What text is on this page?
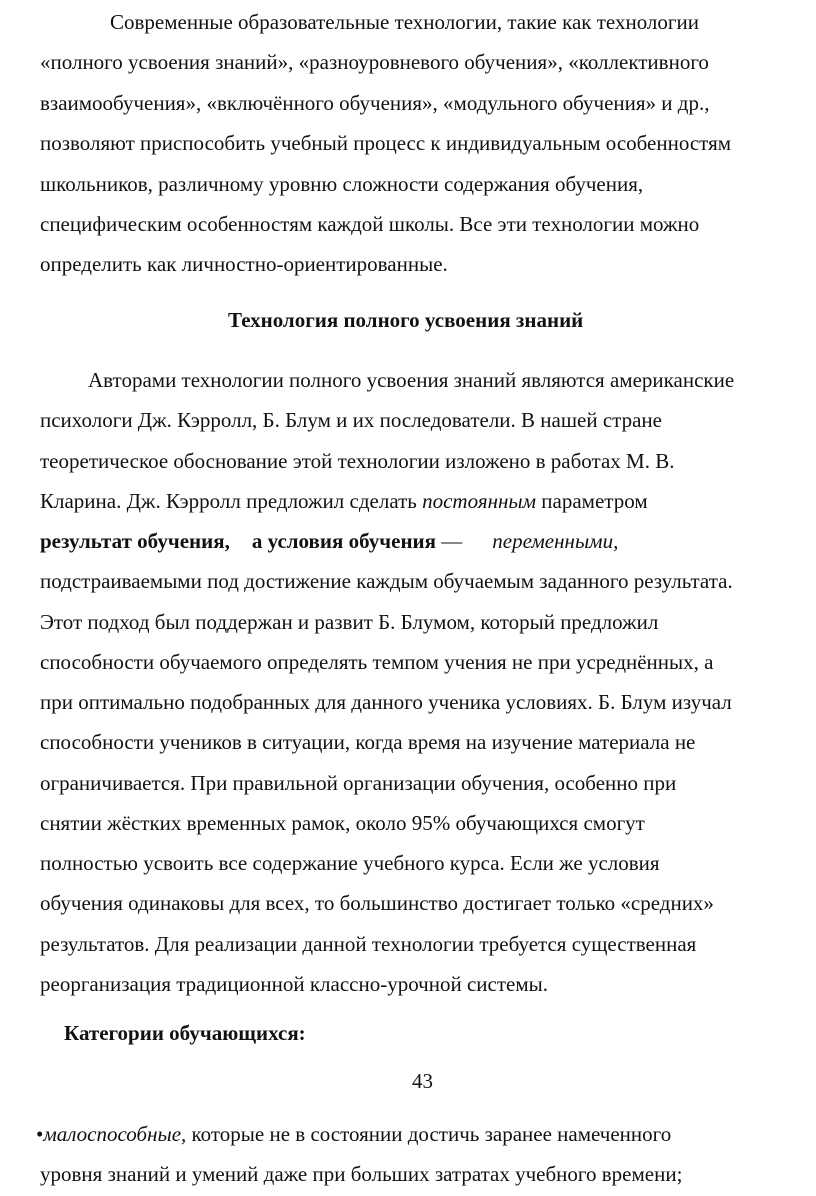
Современные образовательные технологии, такие как технологии
«полного усвоения знаний», «разноуровневого обучения», «коллективного
взаимообучения», «включённого обучения», «модульного обучения» и др.,
позволяют приспособить учебный процесс к индивидуальным особенностям
школьников, различному уровню сложности содержания обучения,
специфическим особенностям каждой школы. Все эти технологии можно
определить как личностно-ориентированные.
Технология полного усвоения знаний
Авторами технологии полного усвоения знаний являются американские
психологи Дж. Кэрролл, Б. Блум и их последователи. В нашей стране
теоретическое обоснование этой технологии изложено в работах М. В.
Кларина. Дж. Кэрролл предложил сделать постоянным параметром
результат обучения, а условия обучения — переменными,
подстраиваемыми под достижение каждым обучаемым заданного результата.
Этот подход был поддержан и развит Б. Блумом, который предложил
способности обучаемого определять темпом учения не при усреднённых, а
при оптимально подобранных для данного ученика условиях. Б. Блум изучал
способности учеников в ситуации, когда время на изучение материала не
ограничивается. При правильной организации обучения, особенно при
снятии жёстких временных рамок, около 95% обучающихся смогут
полностью усвоить все содержание учебного курса. Если же условия
обучения одинаковы для всех, то большинство достигает только «средних»
результатов. Для реализации данной технологии требуется существенная
реорганизация традиционной классно-урочной системы.
Категории обучающихся:
43
•малоспособные, которые не в состоянии достичь заранее намеченного
уровня знаний и умений даже при больших затратах учебного времени;
